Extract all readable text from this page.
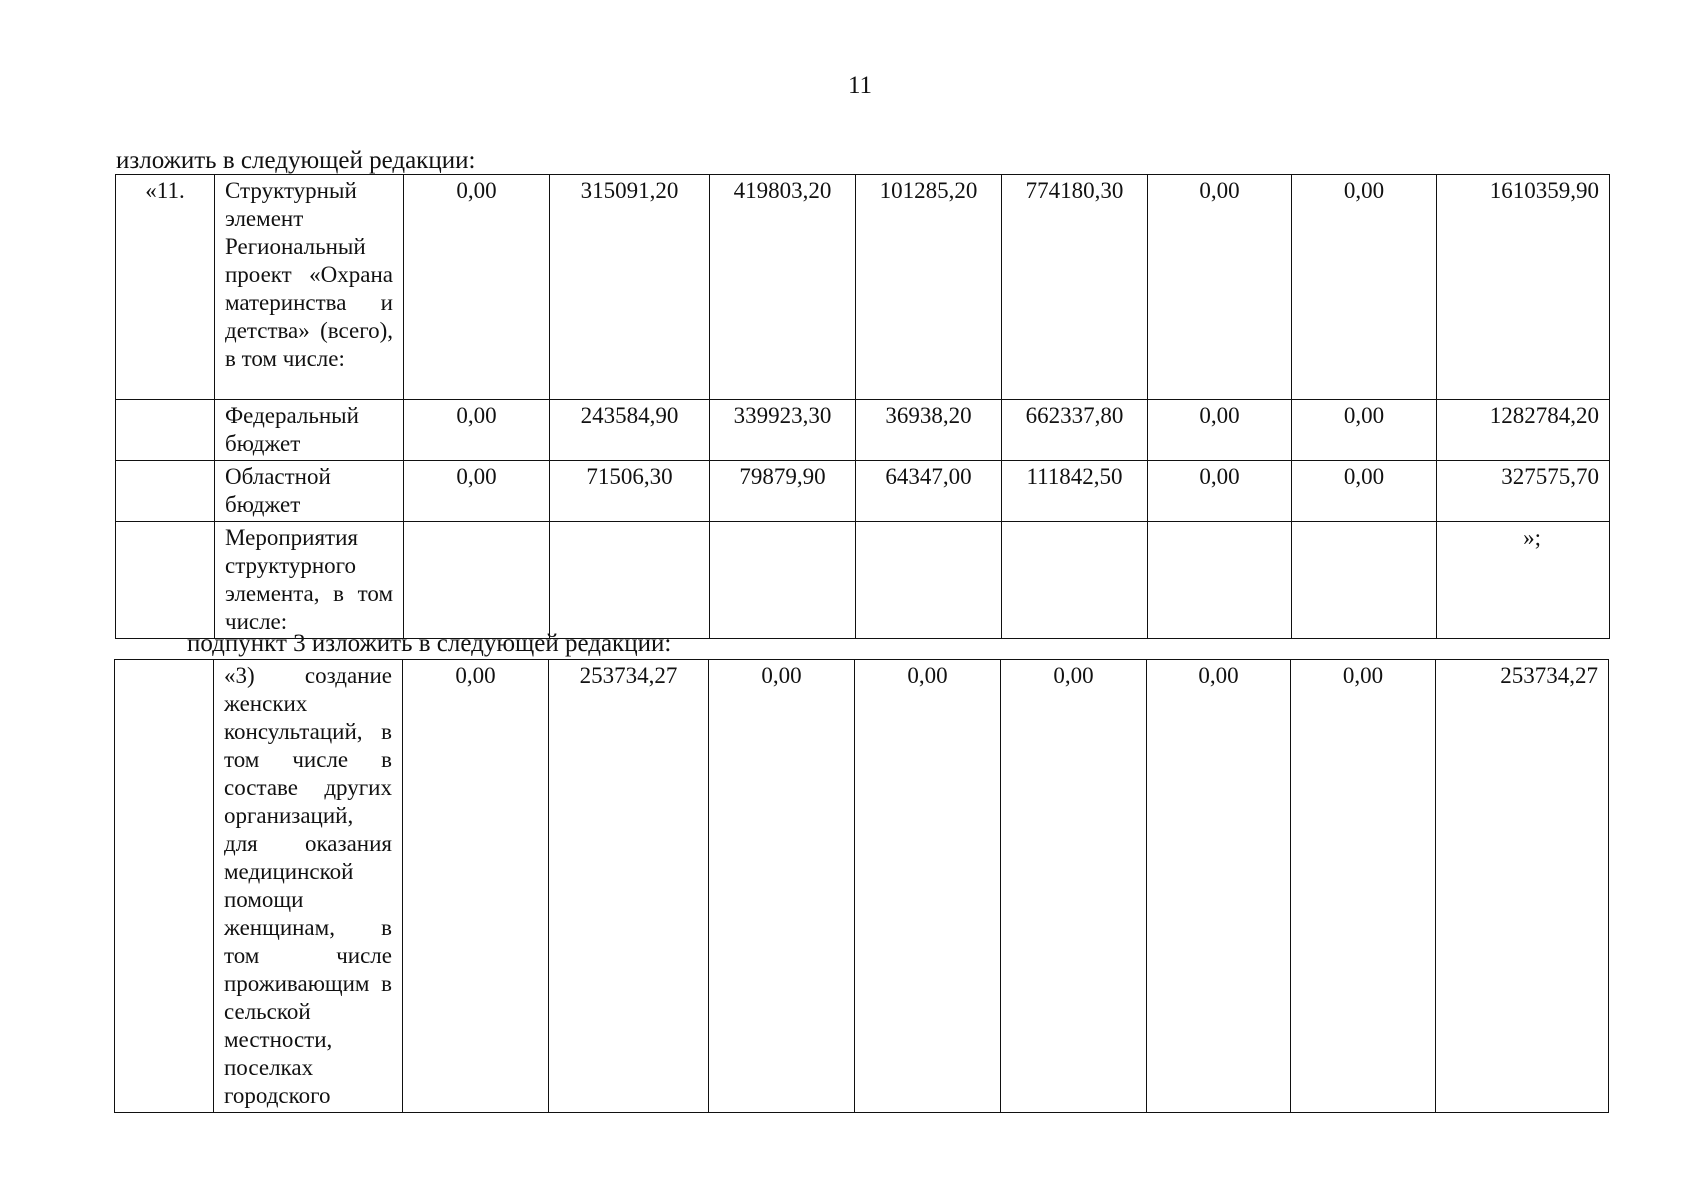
11
изложить в следующей редакции:
«11.	Структурный элемент Региональный проект «Охрана материнства и детства» (всего), в том числе:	0,00	315091,20	419803,20	101285,20	774180,30	0,00	0,00	1610359,90
	Федеральный бюджет	0,00	243584,90	339923,30	36938,20	662337,80	0,00	0,00	1282784,20
	Областной бюджет	0,00	71506,30	79879,90	64347,00	111842,50	0,00	0,00	327575,70
	Мероприятия структурного элемента, в том числе:								»;
подпункт 3 изложить в следующей редакции:
	«3) создание женских консультаций, в том числе в составе других организаций, для оказания медицинской помощи женщинам, в том числе проживающим в сельской местности, поселках городского	0,00	253734,27	0,00	0,00	0,00	0,00	0,00	253734,27
